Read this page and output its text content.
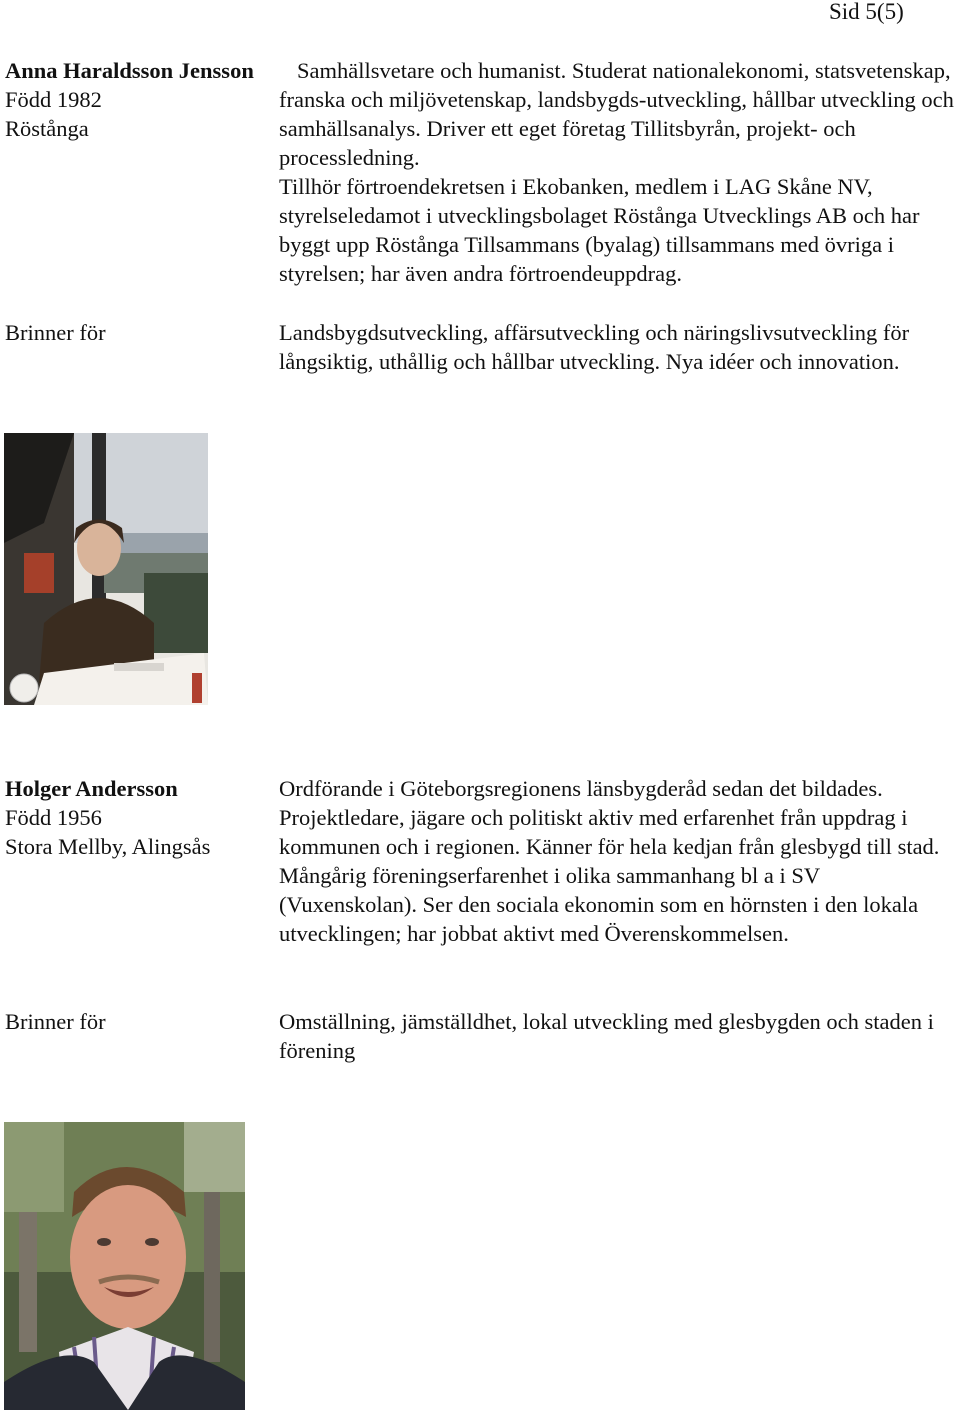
Sid 5(5)
Anna Haraldsson Jensson
Född 1982
Röstånga

Samhällsvetare och humanist. Studerat nationalekonomi, statsvetenskap, franska och miljövetenskap, landsbygds-utveckling, hållbar utveckling och samhällsanalys. Driver ett eget företag Tillitsbyrån, projekt- och processledning.

Tillhör förtroendekretsen i Ekobanken, medlem i LAG Skåne NV, styrelseledamot i utvecklingsbolaget Röstånga Utvecklings AB och har byggt upp Röstånga Tillsammans (byalag) tillsammans med övriga i styrelsen; har även andra förtroendeuppdrag.

Brinner för	Landsbygdsutveckling, affärsutveckling och näringslivsutveckling för långsiktig, uthållig och hållbar utveckling. Nya idéer och innovation.
Holger Andersson
Född 1956
Stora Mellby, Alingsås

Ordförande i Göteborgsregionens länsbygderåd sedan det bildades. Projektledare, jägare och politiskt aktiv med erfarenhet från uppdrag i kommunen och i regionen. Känner för hela kedjan från glesbygd till stad. Mångårig föreningserfarenhet i olika sammanhang bl a i SV (Vuxenskolan). Ser den sociala ekonomin som en hörnsten i den lokala utvecklingen; har jobbat aktivt med Överenskommelsen.

Brinner för	Omställning, jämställdhet, lokal utveckling med glesbygden och staden i förening
